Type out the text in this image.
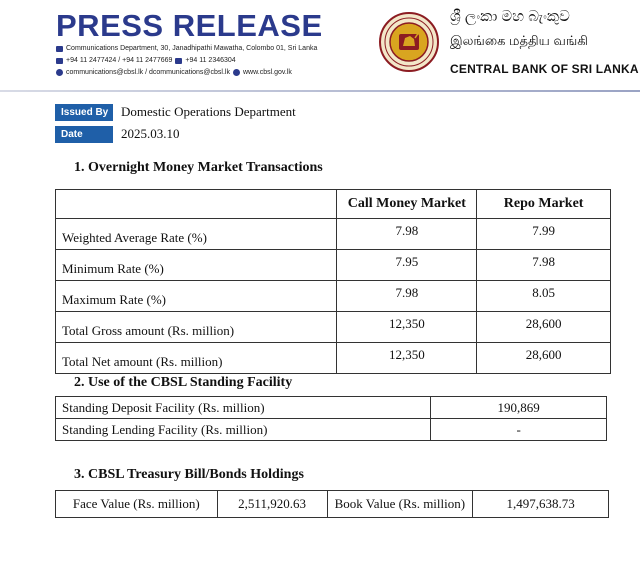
PRESS RELEASE
Communications Department, 30, Janadhipathi Mawatha, Colombo 01, Sri Lanka
+94 11 2477424 / +94 11 2477669 +94 11 2346304
communications@cbsl.lk / dcommunications@cbsl.lk www.cbsl.gov.lk
ශ්‍රී ලංකා මහ බැංකුව
இலங்கை மத்திய வங்கி
CENTRAL BANK OF SRI LANKA
Issued By Domestic Operations Department
Date	2025.03.10
1. Overnight Money Market Transactions
	Call Money Market	Repo Market
Weighted Average Rate (%)	7.98	7.99
Minimum Rate (%)	7.95	7.98
Maximum Rate (%)	7.98	8.05
Total Gross amount (Rs. million)	12,350	28,600
Total Net amount (Rs. million)	12,350	28,600
2. Use of the CBSL Standing Facility
Standing Deposit Facility (Rs. million)	190,869
Standing Lending Facility (Rs. million)	-
3. CBSL Treasury Bill/Bonds Holdings
Face Value (Rs. million)	2,511,920.63	Book Value (Rs. million)	1,497,638.73
